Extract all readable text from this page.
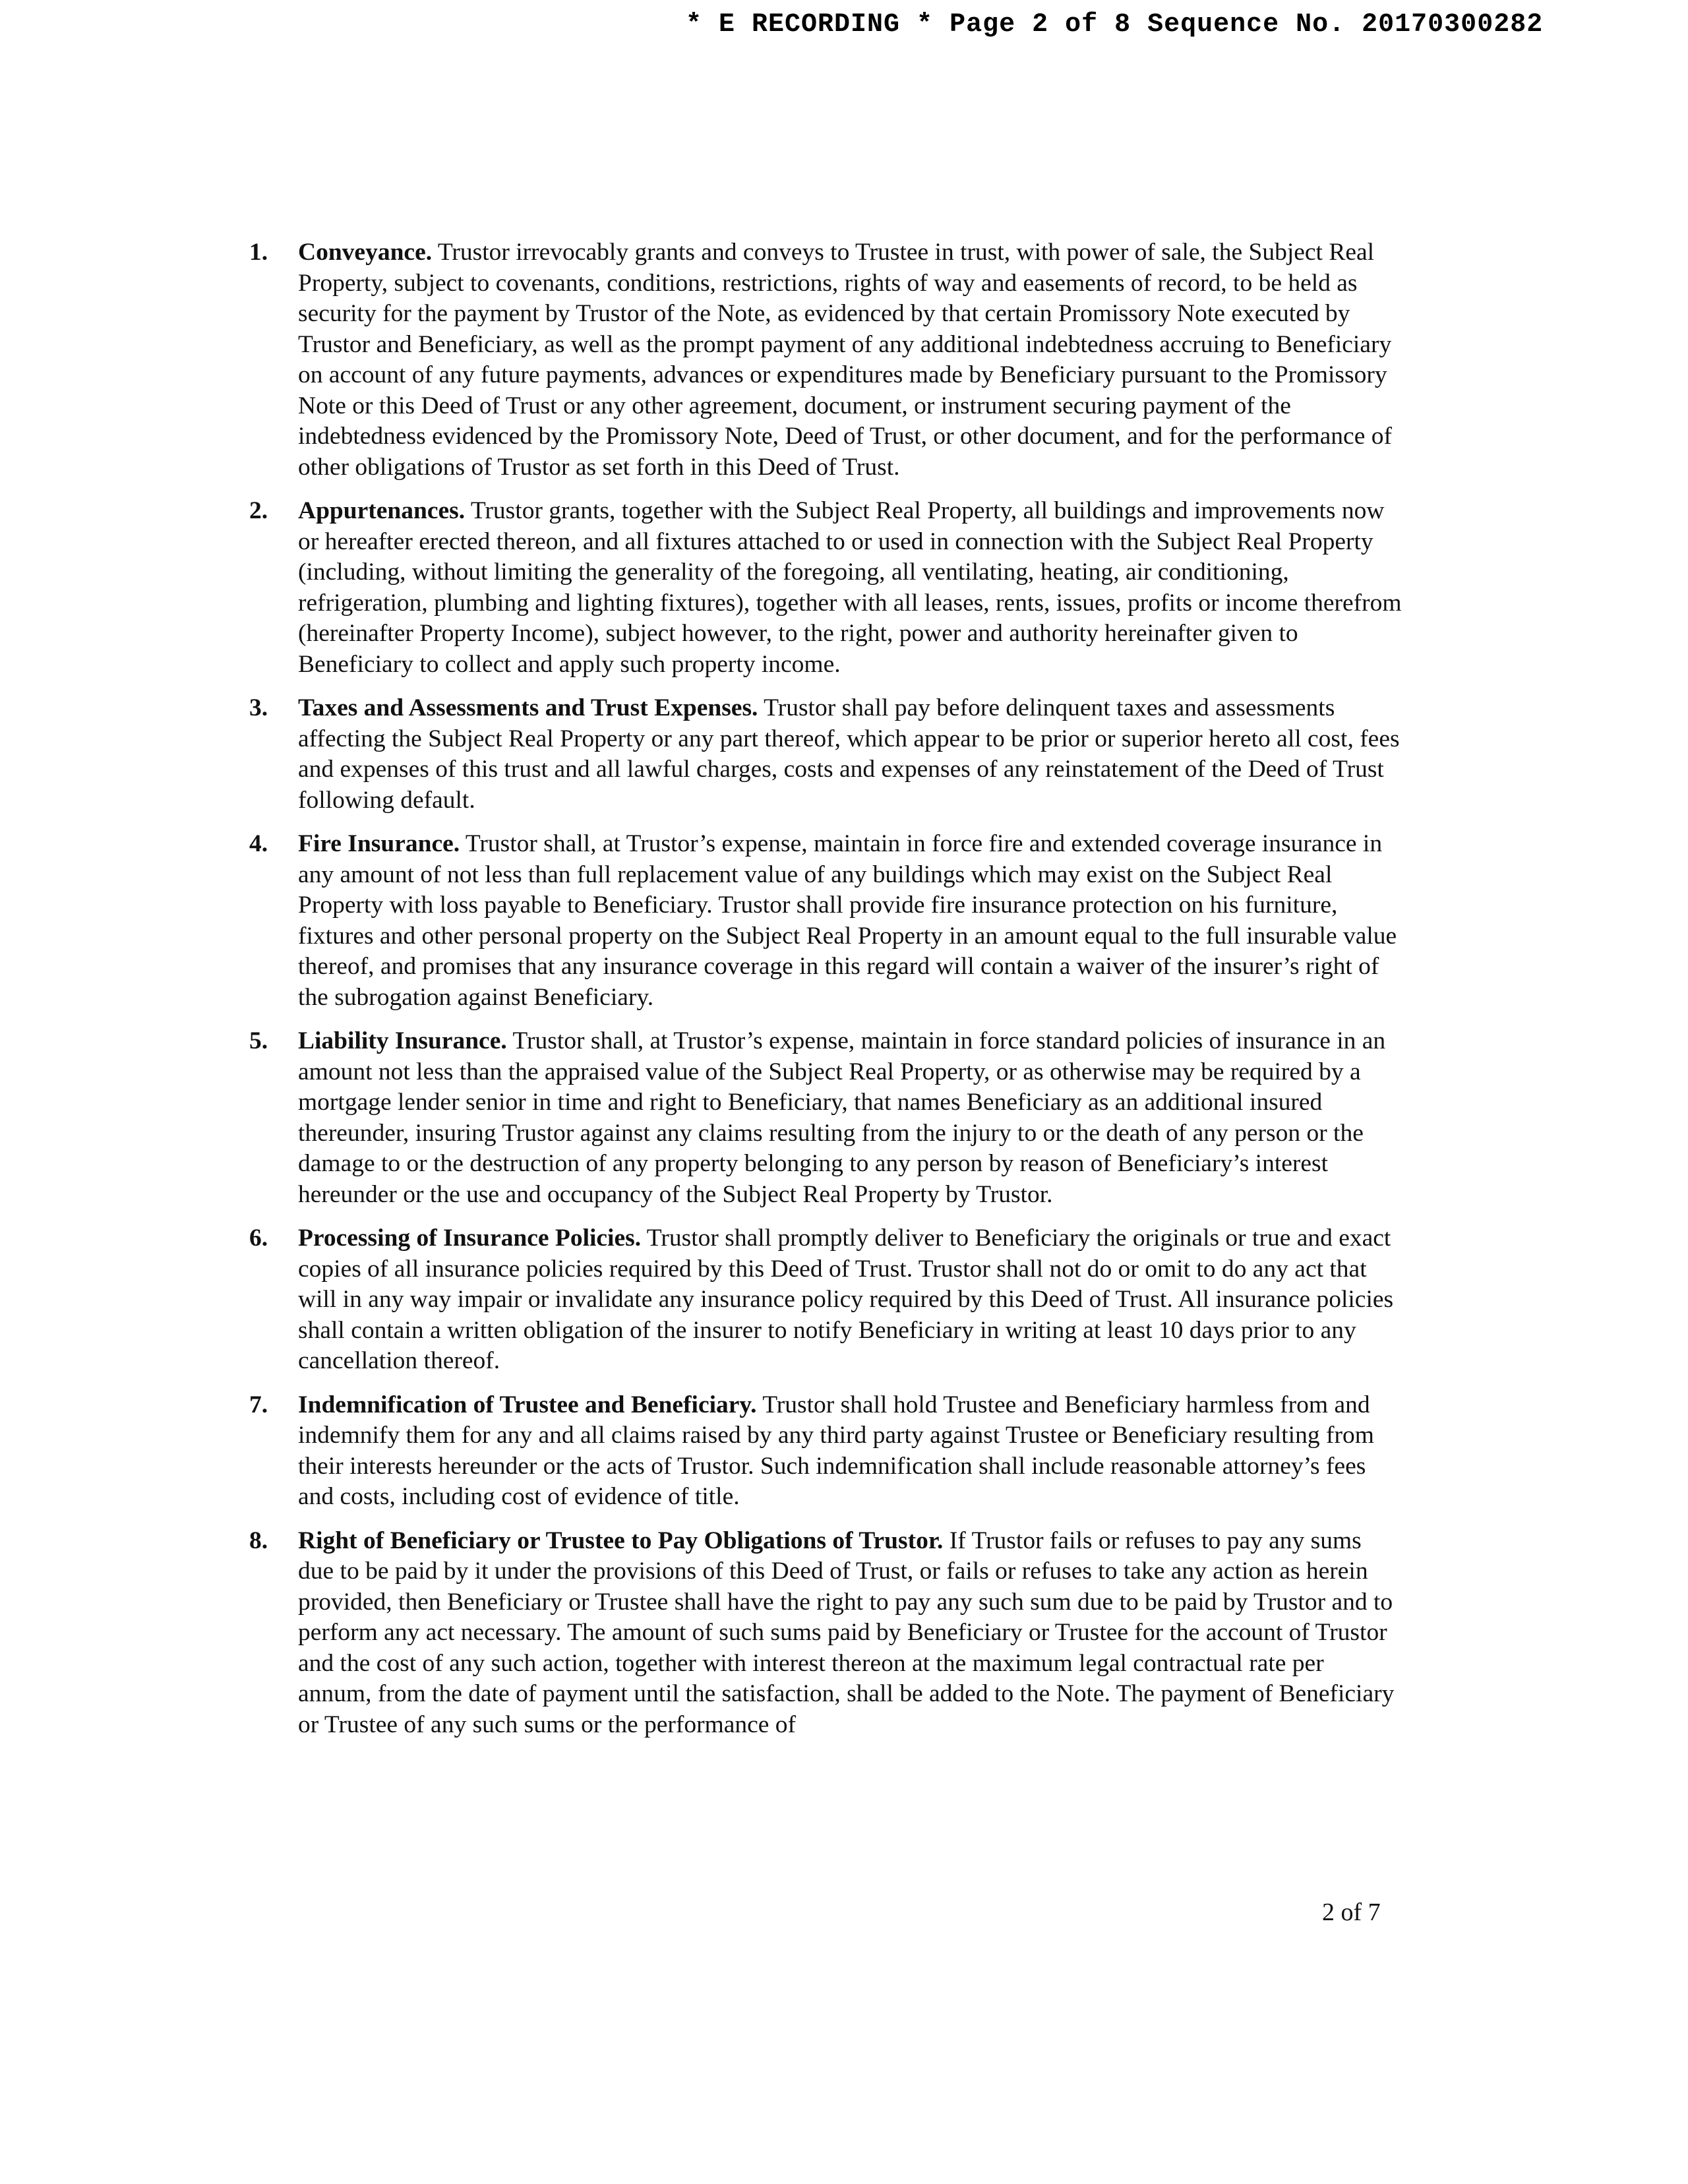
* E RECORDING * Page 2 of 8 Sequence No. 20170300282
1. Conveyance. Trustor irrevocably grants and conveys to Trustee in trust, with power of sale, the Subject Real Property, subject to covenants, conditions, restrictions, rights of way and easements of record, to be held as security for the payment by Trustor of the Note, as evidenced by that certain Promissory Note executed by Trustor and Beneficiary, as well as the prompt payment of any additional indebtedness accruing to Beneficiary on account of any future payments, advances or expenditures made by Beneficiary pursuant to the Promissory Note or this Deed of Trust or any other agreement, document, or instrument securing payment of the indebtedness evidenced by the Promissory Note, Deed of Trust, or other document, and for the performance of other obligations of Trustor as set forth in this Deed of Trust.
2. Appurtenances. Trustor grants, together with the Subject Real Property, all buildings and improvements now or hereafter erected thereon, and all fixtures attached to or used in connection with the Subject Real Property (including, without limiting the generality of the foregoing, all ventilating, heating, air conditioning, refrigeration, plumbing and lighting fixtures), together with all leases, rents, issues, profits or income therefrom (hereinafter Property Income), subject however, to the right, power and authority hereinafter given to Beneficiary to collect and apply such property income.
3. Taxes and Assessments and Trust Expenses. Trustor shall pay before delinquent taxes and assessments affecting the Subject Real Property or any part thereof, which appear to be prior or superior hereto all cost, fees and expenses of this trust and all lawful charges, costs and expenses of any reinstatement of the Deed of Trust following default.
4. Fire Insurance. Trustor shall, at Trustor’s expense, maintain in force fire and extended coverage insurance in any amount of not less than full replacement value of any buildings which may exist on the Subject Real Property with loss payable to Beneficiary. Trustor shall provide fire insurance protection on his furniture, fixtures and other personal property on the Subject Real Property in an amount equal to the full insurable value thereof, and promises that any insurance coverage in this regard will contain a waiver of the insurer’s right of the subrogation against Beneficiary.
5. Liability Insurance. Trustor shall, at Trustor’s expense, maintain in force standard policies of insurance in an amount not less than the appraised value of the Subject Real Property, or as otherwise may be required by a mortgage lender senior in time and right to Beneficiary, that names Beneficiary as an additional insured thereunder, insuring Trustor against any claims resulting from the injury to or the death of any person or the damage to or the destruction of any property belonging to any person by reason of Beneficiary’s interest hereunder or the use and occupancy of the Subject Real Property by Trustor.
6. Processing of Insurance Policies. Trustor shall promptly deliver to Beneficiary the originals or true and exact copies of all insurance policies required by this Deed of Trust. Trustor shall not do or omit to do any act that will in any way impair or invalidate any insurance policy required by this Deed of Trust. All insurance policies shall contain a written obligation of the insurer to notify Beneficiary in writing at least 10 days prior to any cancellation thereof.
7. Indemnification of Trustee and Beneficiary. Trustor shall hold Trustee and Beneficiary harmless from and indemnify them for any and all claims raised by any third party against Trustee or Beneficiary resulting from their interests hereunder or the acts of Trustor. Such indemnification shall include reasonable attorney’s fees and costs, including cost of evidence of title.
8. Right of Beneficiary or Trustee to Pay Obligations of Trustor. If Trustor fails or refuses to pay any sums due to be paid by it under the provisions of this Deed of Trust, or fails or refuses to take any action as herein provided, then Beneficiary or Trustee shall have the right to pay any such sum due to be paid by Trustor and to perform any act necessary. The amount of such sums paid by Beneficiary or Trustee for the account of Trustor and the cost of any such action, together with interest thereon at the maximum legal contractual rate per annum, from the date of payment until the satisfaction, shall be added to the Note. The payment of Beneficiary or Trustee of any such sums or the performance of
2 of 7
